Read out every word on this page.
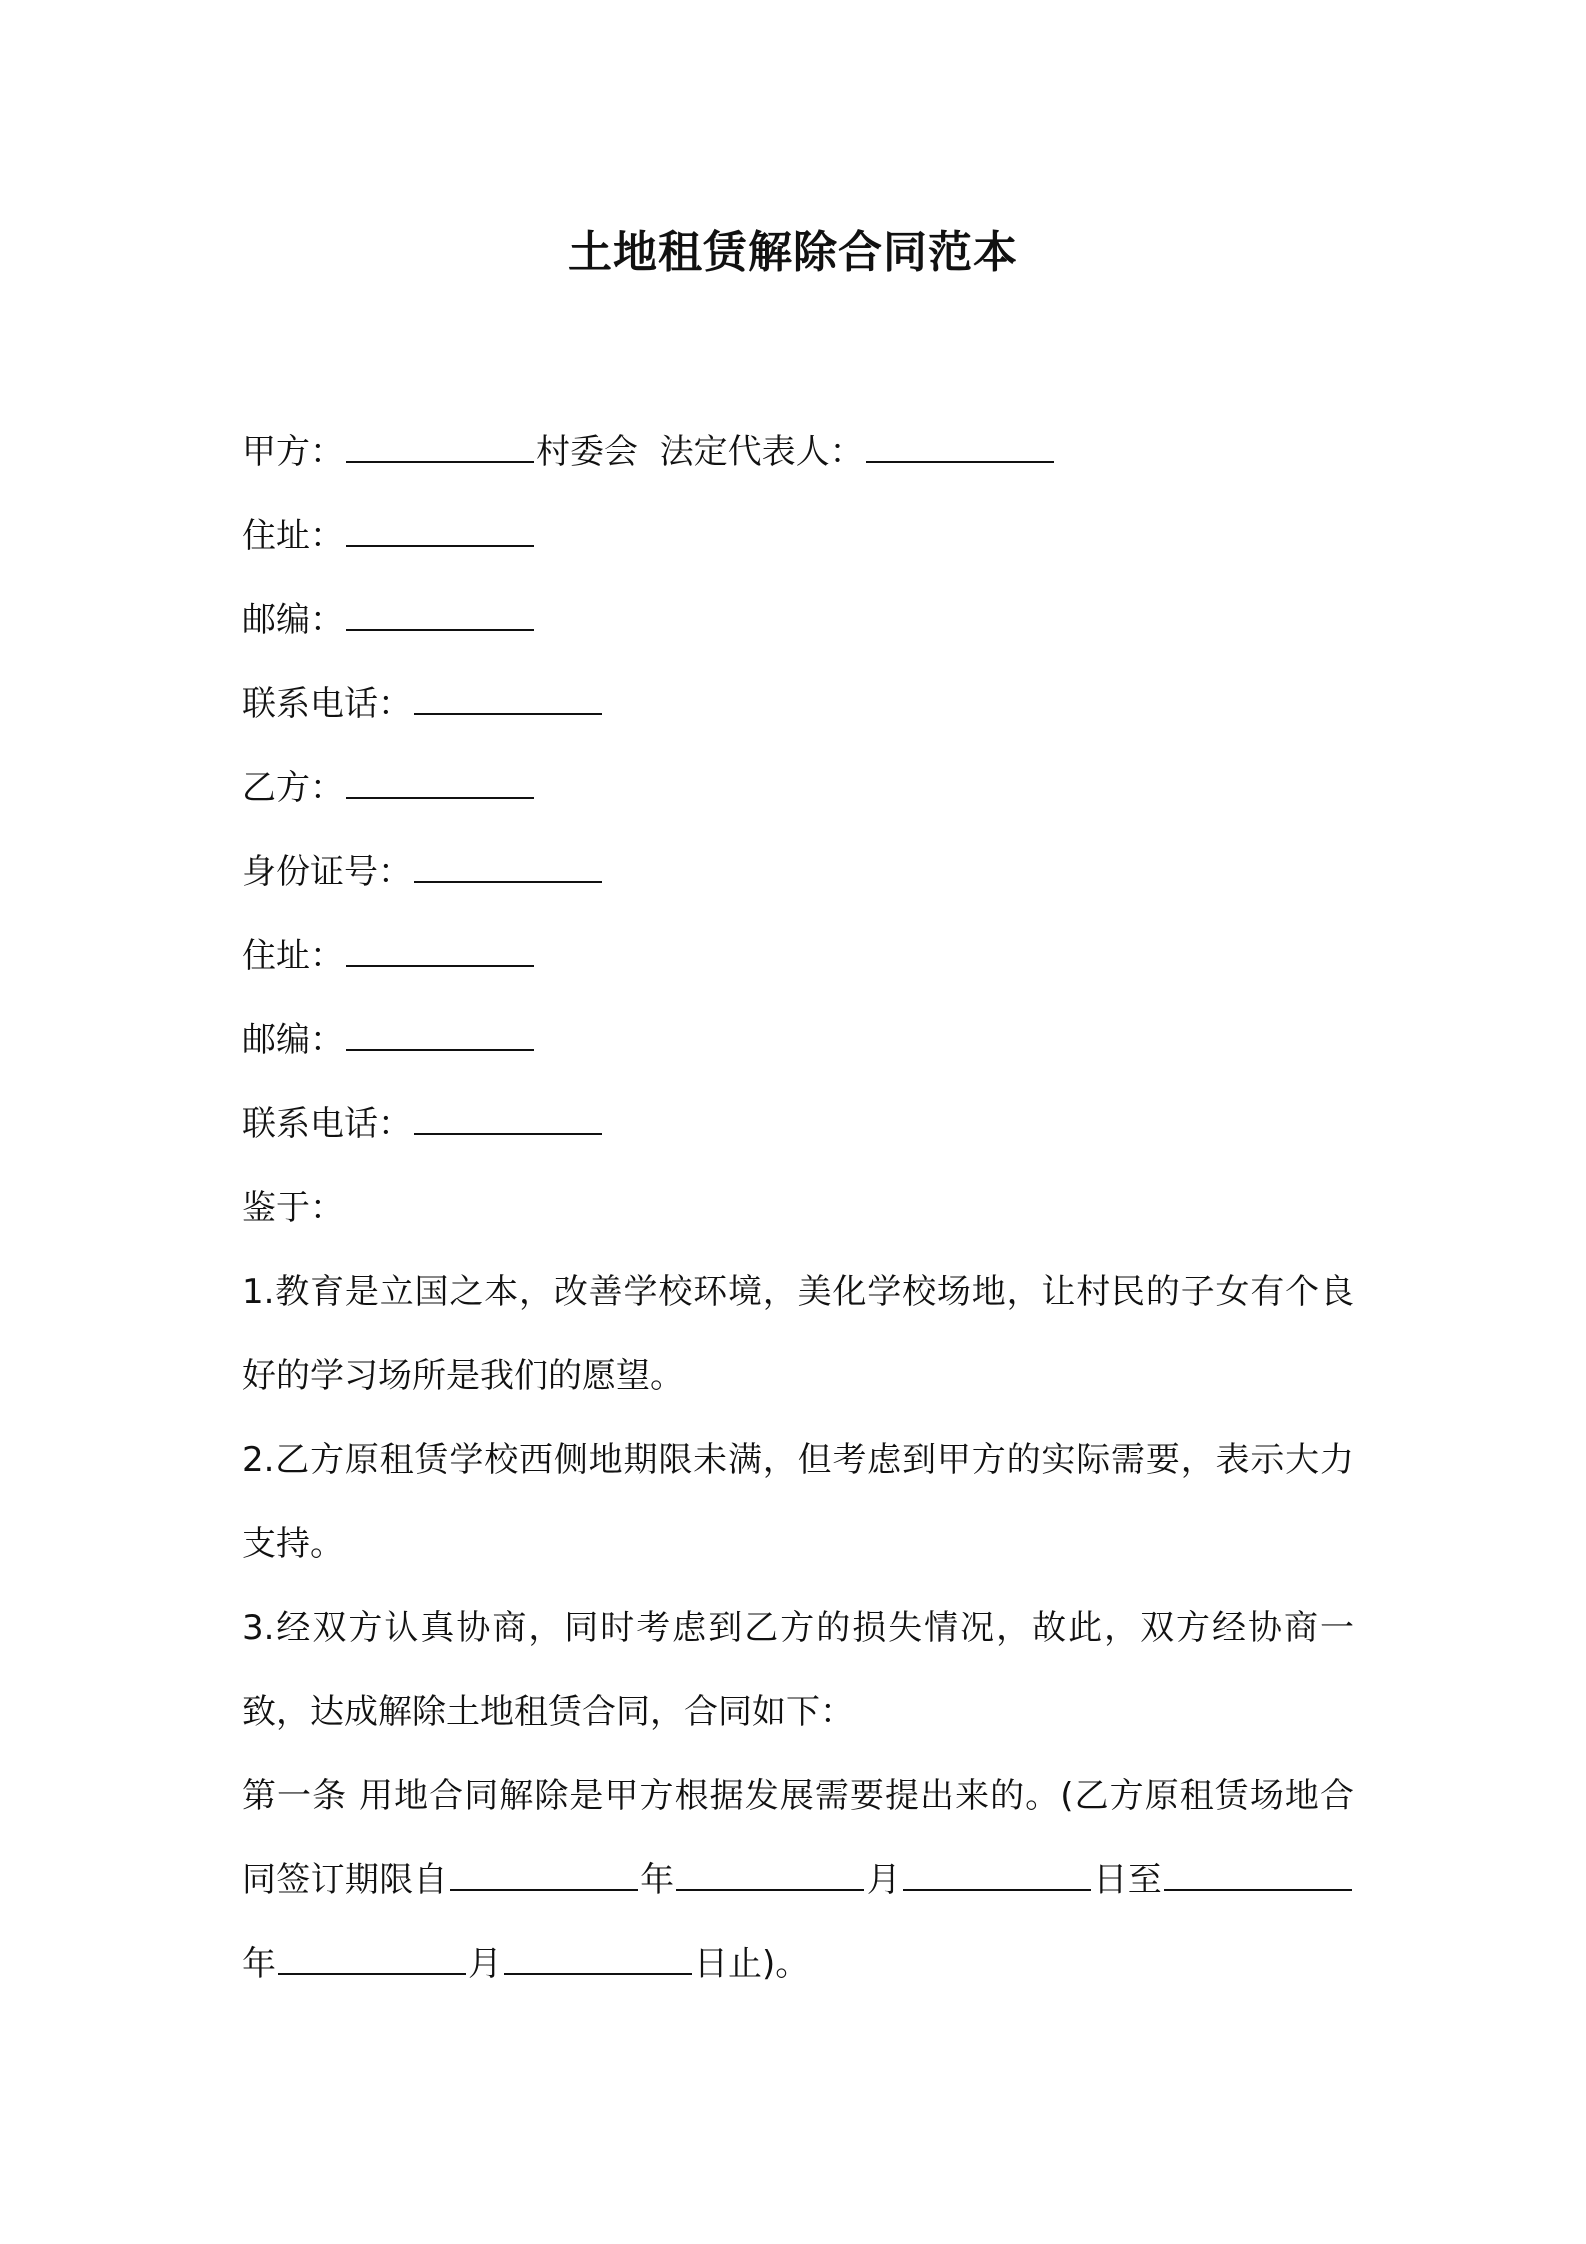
土地租赁解除合同范本
甲方：	村委会 法定代表人：
住址：
邮编：
联系电话：
乙方：
身份证号：
住址：
邮编：
联系电话：
鉴于：
1.教育是立国之本，改善学校环境，美化学校场地，让村民的子女有个良好的学习场所是我们的愿望。
2.乙方原租赁学校西侧地期限未满，但考虑到甲方的实际需要，表示大力支持。
3.经双方认真协商，同时考虑到乙方的损失情况，故此，双方经协商一致，达成解除土地租赁合同，合同如下：
第一条 用地合同解除是甲方根据发展需要提出来的。(乙方原租赁场地合同签订期限自	年	月	日至年	月	日止)。
